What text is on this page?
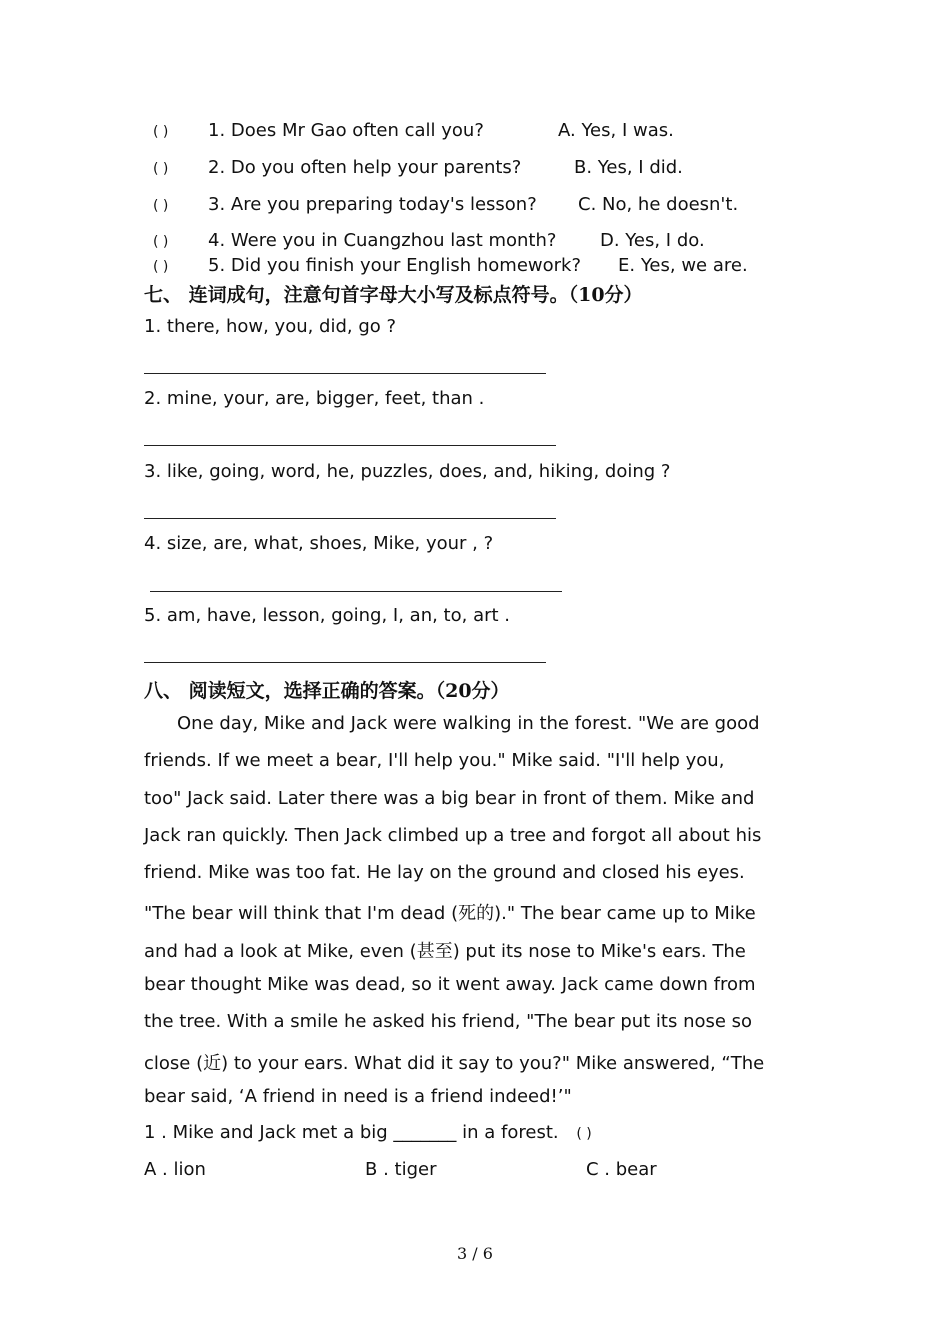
( ) 1. Does Mr Gao often call you?	A. Yes, I was.
( ) 2. Do you often help your parents?	B. Yes, I did.
( ) 3. Are you preparing today's lesson? C. No, he doesn't.
( ) 4. Were you in Cuangzhou last month? D. Yes, I do.
( ) 5. Did you finish your English homework? E. Yes, we are.
七、 连词成句，注意句首字母大小写及标点符号。（10分）
1. there, how, you, did, go ?
2. mine, your, are, bigger, feet, than .
3. like, going, word, he, puzzles, does, and, hiking, doing ?
4. size, are, what, shoes, Mike, your , ?
5. am, have, lesson, going, I, an, to, art .
八、 阅读短文，选择正确的答案。（20分）
One day, Mike and Jack were walking in the forest. "We are good
friends. If we meet a bear, I'll help you." Mike said. "I'll help you,
too" Jack said. Later there was a big bear in front of them. Mike and
Jack ran quickly. Then Jack climbed up a tree and forgot all about his
friend. Mike was too fat. He lay on the ground and closed his eyes.
"The bear will think that I'm dead (死的)." The bear came up to Mike
and had a look at Mike, even (甚至) put its nose to Mike's ears. The
bear thought Mike was dead, so it went away. Jack came down from
the tree. With a smile he asked his friend, "The bear put its nose so
close (近) to your ears. What did it say to you?" Mike answered, “The
bear said, ‘A friend in need is a friend indeed!’"
1 . Mike and Jack met a big _______ in a forest. ( )
A . lion	B . tiger	C . bear
3 / 6
